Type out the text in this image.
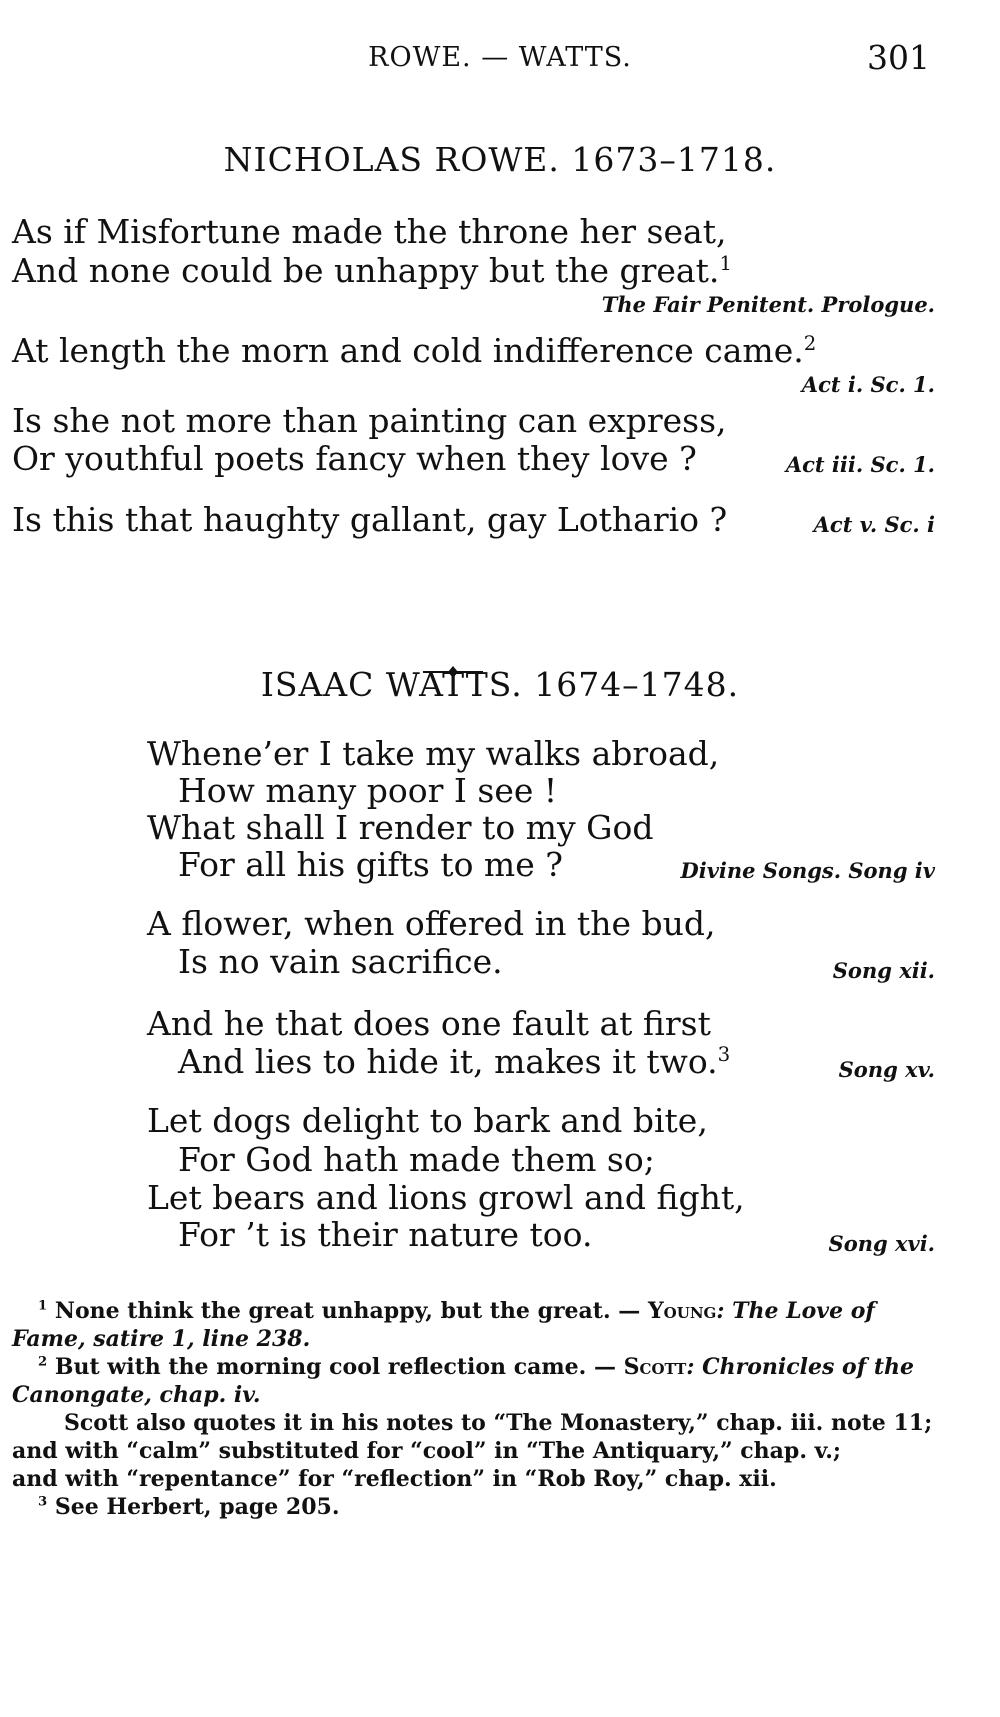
ROWE. — WATTS.	301
NICHOLAS ROWE. 1673–1718.
As if Misfortune made the throne her seat,
And none could be unhappy but the great.$^1$
The Fair Penitent. Prologue.
At length the morn and cold indifference came.$^2$
Act i. Sc. 1.
Is she not more than painting can express,
Or youthful poets fancy when they love ?	Act iii. Sc. 1.
Is this that haughty gallant, gay Lothario ?	Act v. Sc. i
ISAAC WATTS. 1674–1748.
Whene’er I take my walks abroad,
How many poor I see !
What shall I render to my God
For all his gifts to me ?	Divine Songs. Song iv
A flower, when offered in the bud,
Is no vain sacrifice.	Song xii.
And he that does one fault at first
And lies to hide it, makes it two.$^3$
Song xv.
Let dogs delight to bark and bite,
For God hath made them so;
Let bears and lions growl and fight,
For ’t is their nature too.	Song xvi.
$^1$ None think the great unhappy, but the great. — Young: The Love of
Fame, satire 1, line 238.
$^2$ But with the morning cool reflection came. — Scott: Chronicles of the
Canongate, chap. iv.
Scott also quotes it in his notes to “The Monastery,” chap. iii. note 11;
and with “calm” substituted for “cool” in “The Antiquary,” chap. v.;
and with “repentance” for “reflection” in “Rob Roy,” chap. xii.
$^3$ See Herbert, page 205.
